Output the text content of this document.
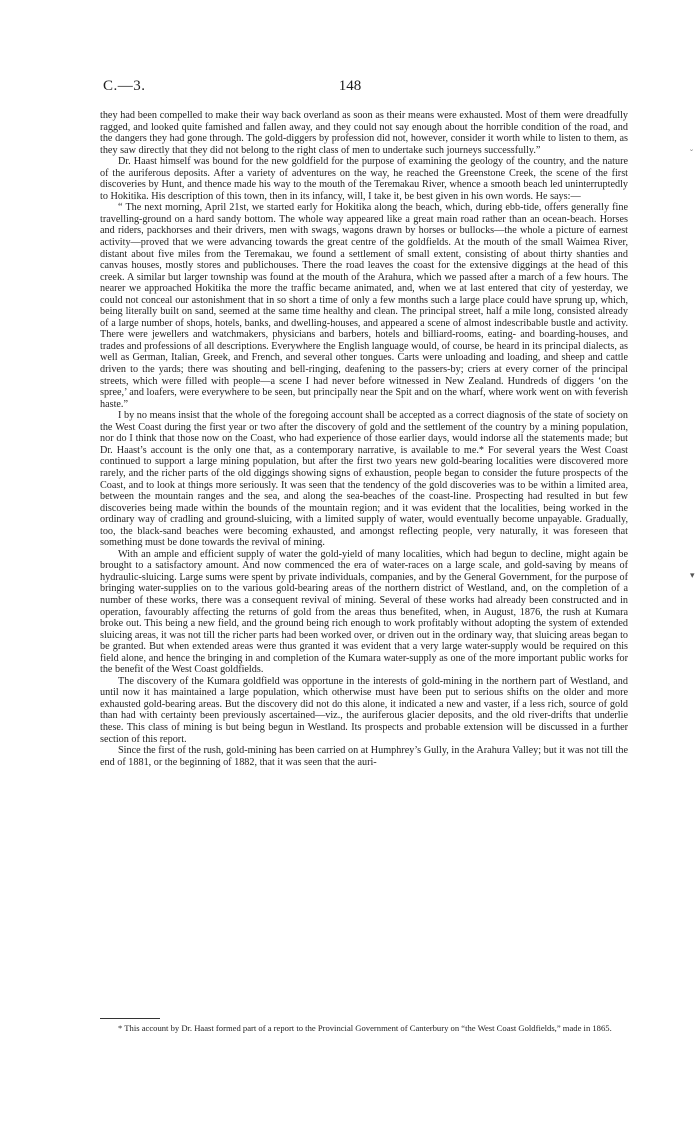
C.—3.	148
˘
▾

they had been compelled to make their way back overland as soon as their means were exhausted. Most of them were dreadfully ragged, and looked quite famished and fallen away, and they could not say enough about the horrible condition of the road, and the dangers they had gone through. The gold-diggers by profession did not, however, consider it worth while to listen to them, as they saw directly that they did not belong to the right class of men to undertake such journeys successfully.”

Dr. Haast himself was bound for the new goldfield for the purpose of examining the geology of the country, and the nature of the auriferous deposits. After a variety of adventures on the way, he reached the Greenstone Creek, the scene of the first discoveries by Hunt, and thence made his way to the mouth of the Teremakau River, whence a smooth beach led uninterruptedly to Hokitika. His description of this town, then in its infancy, will, I take it, be best given in his own words. He says:—

“ The next morning, April 21st, we started early for Hokitika along the beach, which, during ebb-tide, offers generally fine travelling-ground on a hard sandy bottom. The whole way appeared like a great main road rather than an ocean-beach. Horses and riders, packhorses and their drivers, men with swags, wagons drawn by horses or bullocks—the whole a picture of earnest activity—proved that we were advancing towards the great centre of the goldfields. At the mouth of the small Waimea River, distant about five miles from the Teremakau, we found a settlement of small extent, consisting of about thirty shanties and canvas houses, mostly stores and publichouses. There the road leaves the coast for the extensive diggings at the head of this creek. A similar but larger township was found at the mouth of the Arahura, which we passed after a march of a few hours. The nearer we approached Hokitika the more the traffic became animated, and, when we at last entered that city of yesterday, we could not conceal our astonishment that in so short a time of only a few months such a large place could have sprung up, which, being literally built on sand, seemed at the same time healthy and clean. The principal street, half a mile long, consisted already of a large number of shops, hotels, banks, and dwelling-houses, and appeared a scene of almost indescribable bustle and activity. There were jewellers and watchmakers, physicians and barbers, hotels and billiard-rooms, eating- and boarding-houses, and trades and professions of all descriptions. Everywhere the English language would, of course, be heard in its principal dialects, as well as German, Italian, Greek, and French, and several other tongues. Carts were unloading and loading, and sheep and cattle driven to the yards; there was shouting and bell-ringing, deafening to the passers-by; criers at every corner of the principal streets, which were filled with people—a scene I had never before witnessed in New Zealand. Hundreds of diggers ‘on the spree,’ and loafers, were everywhere to be seen, but principally near the Spit and on the wharf, where work went on with feverish haste.”

I by no means insist that the whole of the foregoing account shall be accepted as a correct diagnosis of the state of society on the West Coast during the first year or two after the discovery of gold and the settlement of the country by a mining population, nor do I think that those now on the Coast, who had experience of those earlier days, would indorse all the statements made; but Dr. Haast’s account is the only one that, as a contemporary narrative, is available to me.* For several years the West Coast continued to support a large mining population, but after the first two years new gold-bearing localities were discovered more rarely, and the richer parts of the old diggings showing signs of exhaustion, people began to consider the future prospects of the Coast, and to look at things more seriously. It was seen that the tendency of the gold discoveries was to be within a limited area, between the mountain ranges and the sea, and along the sea-beaches of the coast-line. Prospecting had resulted in but few discoveries being made within the bounds of the mountain region; and it was evident that the localities, being worked in the ordinary way of cradling and ground-sluicing, with a limited supply of water, would eventually become unpayable. Gradually, too, the black-sand beaches were becoming exhausted, and amongst reflecting people, very naturally, it was foreseen that something must be done towards the revival of mining.

With an ample and efficient supply of water the gold-yield of many localities, which had begun to decline, might again be brought to a satisfactory amount. And now commenced the era of water-races on a large scale, and gold-saving by means of hydraulic-sluicing. Large sums were spent by private individuals, companies, and by the General Government, for the purpose of bringing water-supplies on to the various gold-bearing areas of the northern district of Westland, and, on the completion of a number of these works, there was a consequent revival of mining. Several of these works had already been constructed and in operation, favourably affecting the returns of gold from the areas thus benefited, when, in August, 1876, the rush at Kumara broke out. This being a new field, and the ground being rich enough to work profitably without adopting the system of extended sluicing areas, it was not till the richer parts had been worked over, or driven out in the ordinary way, that sluicing areas began to be granted. But when extended areas were thus granted it was evident that a very large water-supply would be required on this field alone, and hence the bringing in and completion of the Kumara water-supply as one of the more important public works for the benefit of the West Coast goldfields.

The discovery of the Kumara goldfield was opportune in the interests of gold-mining in the northern part of Westland, and until now it has maintained a large population, which otherwise must have been put to serious shifts on the older and more exhausted gold-bearing areas. But the discovery did not do this alone, it indicated a new and vaster, if a less rich, source of gold than had with certainty been previously ascertained—viz., the auriferous glacier deposits, and the old river-drifts that underlie these. This class of mining is but being begun in Westland. Its prospects and probable extension will be discussed in a further section of this report.

Since the first of the rush, gold-mining has been carried on at Humphrey’s Gully, in the Arahura Valley; but it was not till the end of 1881, or the beginning of 1882, that it was seen that the auri-

* This account by Dr. Haast formed part of a report to the Provincial Government of Canterbury on “the West Coast Goldfields,” made in 1865.
